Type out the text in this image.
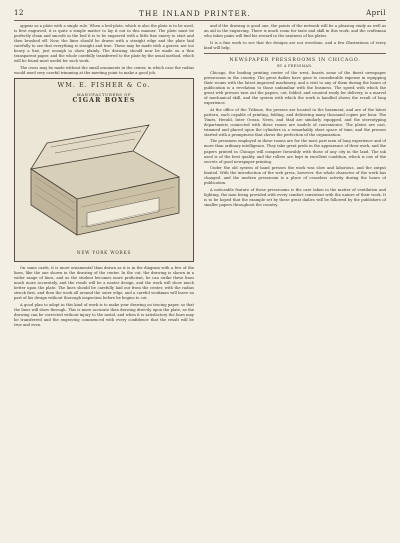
12	THE INLAND PRINTER.	April

appear as a plate with a single rule. When a bed-plate, which is also the plate is to be used, is first engraved, it is quite a simple matter to lay it out in this manner. The plate must be perfectly clean and smooth in the bed it is to be engraved with a little fine emery to start and then brushed off. Now, the lines should be drawn with a straight edge and the plate laid carefully to see that everything is straight and true. These may be made with a graver, not too heavy a line, just enough to show plainly. The drawing should now be made on a thin transparent paper, and the whole carefully transferred to the plate by the usual method, which will be found most useful for such work.

The cross may be made without the small ornaments in the center, in which case the radius would need very careful trimming at the meeting point to make a good job.

WM. E. FISHER & Co.
MANUFACTURERS OF
CIGAR BOXES
NEW YORK WORKS

On some cards, it is more ornamental than drawn as it is in the diagram with a few of the lines, like the one shown in the drawing of the center. In the cut, the drawing is shown in a wider range of lines, and as the student becomes more proficient, he can strike these lines much more accurately, and the result will be a neater design, and the work will show much better upon the plate. The lines should be carefully laid out from the center, with the radius struck first, and then the work all around the outer edge, and a careful workman will leave no part of his design without thorough inspection before he begins to cut.

A good plan to adopt in this kind of work is to make your drawing on tracing paper, so that the lines will show through. This is more accurate than drawing directly upon the plate, as the drawing can be corrected without injury to the metal, and when it is satisfactory the lines may be transferred and the engraving commenced with every confidence that the result will be true and even.

and if the drawing is good one, the points of the network will be a pleasing study as well as an aid in the engraving. There is much room for taste and skill in this work, and the craftsman who takes pains will find his reward in the neatness of his plates.

It is a fine work to see that the designs are not overdone, and a few illustrations of every kind will help.

NEWSPAPER PRESSROOMS IN CHICAGO.
BY A PRESSMAN.

Chicago, the leading printing center of the west, boasts some of the finest newspaper pressrooms in the country. The great dailies have gone to considerable expense in equipping their rooms with the latest improved machinery, and a visit to any of them during the hours of publication is a revelation to those unfamiliar with the business. The speed with which the great web presses turn out the papers, cut, folded, and counted ready for delivery, is a marvel of mechanical skill, and the system with which the work is handled shows the result of long experience.

At the office of the Tribune, the presses are located in the basement, and are of the latest pattern, each capable of printing, folding, and delivering many thousand copies per hour. The Times, Herald, Inter Ocean, News, and Mail are similarly equipped, and the stereotyping departments connected with these rooms are models of convenience. The plates are cast, trimmed and placed upon the cylinders in a remarkably short space of time, and the presses started with a promptness that shows the perfection of the organization.

The pressmen employed in these rooms are for the most part men of long experience and of more than ordinary intelligence. They take great pride in the appearance of their work, and the papers printed in Chicago will compare favorably with those of any city in the land. The ink used is of the best quality, and the rollers are kept in excellent condition, which is one of the secrets of good newspaper printing.

Under the old system of hand presses the work was slow and laborious, and the output limited. With the introduction of the web press, however, the whole character of the work has changed, and the modern pressroom is a place of ceaseless activity during the hours of publication.

A noticeable feature of these pressrooms is the care taken in the matter of ventilation and lighting, the men being provided with every comfort consistent with the nature of their work. It is to be hoped that the example set by these great dailies will be followed by the publishers of smaller papers throughout the country.
